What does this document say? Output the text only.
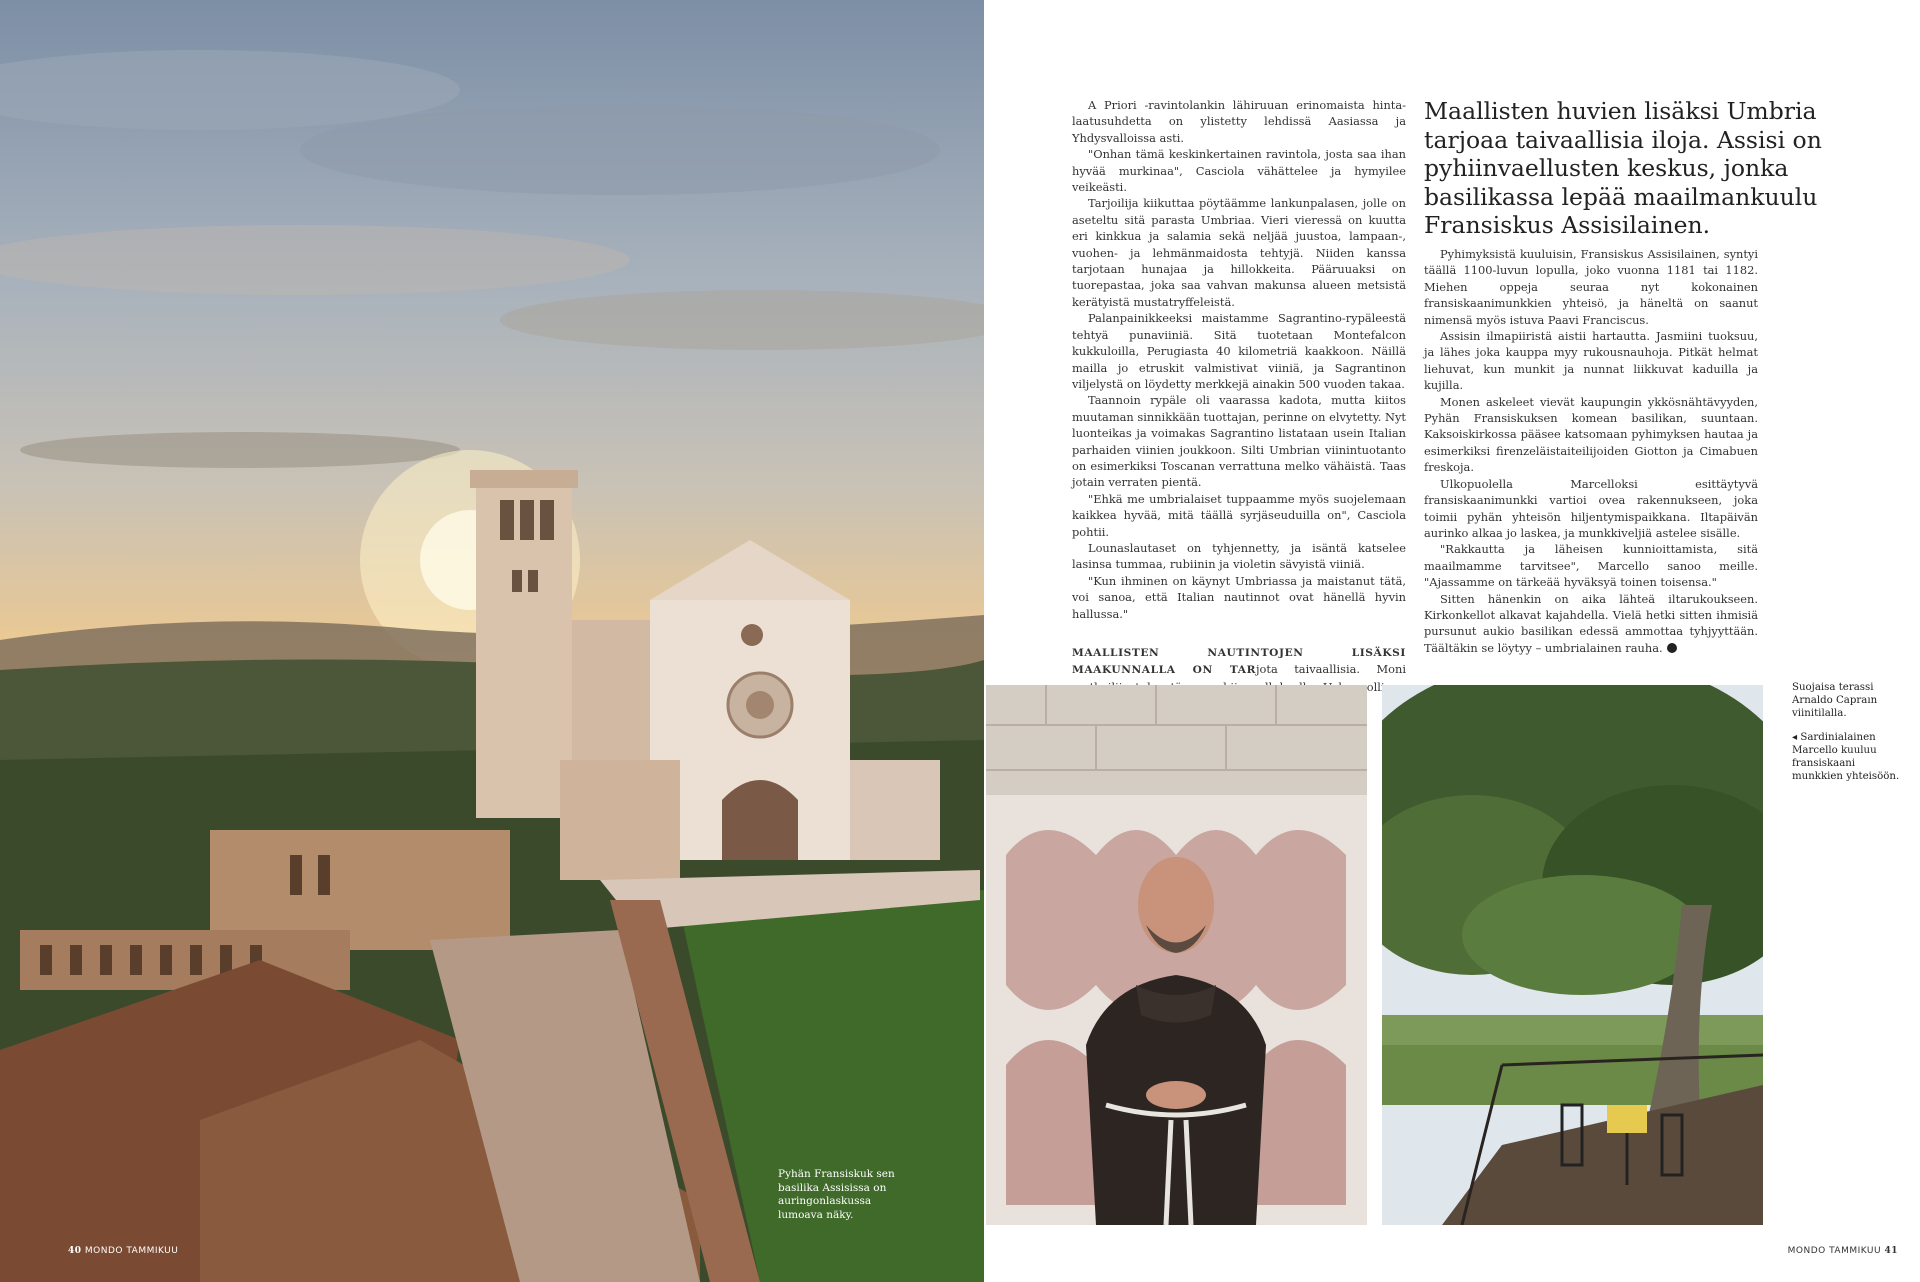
Pyhän Fransiskuk sen basilika Assisissa on auringonlaskussa lumoava näky.
40 MONDO TAMMIKUU

A Priori -ravintolankin lähiruuan erinomaista hinta-laatusuhdetta on ylistetty lehdissä Aasiassa ja Yhdysvalloissa asti.

"Onhan tämä keskinkertainen ravintola, josta saa ihan hyvää murkinaa", Casciola vähättelee ja hymyilee veikeästi.

Tarjoilija kiikuttaa pöytäämme lankunpalasen, jolle on aseteltu sitä parasta Umbriaa. Vieri vieressä on kuutta eri kinkkua ja salamia sekä neljää juustoa, lampaan-, vuohen- ja lehmänmaidosta tehtyjä. Niiden kanssa tarjotaan hunajaa ja hillokkeita. Pääruuaksi on tuorepastaa, joka saa vahvan makunsa alueen metsistä kerätyistä mustatryffeleistä.

Palanpainikkeeksi maistamme Sagrantino-rypäleestä tehtyä punaviiniä. Sitä tuotetaan Montefalcon kukkuloilla, Perugiasta 40 kilometriä kaakkoon. Näillä mailla jo etruskit valmistivat viiniä, ja Sagrantinon viljelystä on löydetty merkkejä ainakin 500 vuoden takaa.

Taannoin rypäle oli vaarassa kadota, mutta kiitos muutaman sinnikkään tuottajan, perinne on elvytetty. Nyt luonteikas ja voimakas Sagrantino listataan usein Italian parhaiden viinien joukkoon. Silti Umbrian viinintuotanto on esimerkiksi Toscanan verrattuna melko vähäistä. Taas jotain verraten pientä.

"Ehkä me umbrialaiset tuppaamme myös suojelemaan kaikkea hyvää, mitä täällä syrjäseuduilla on", Casciola pohtii.

Lounaslautaset on tyhjennetty, ja isäntä katselee lasinsa tummaa, rubiinin ja violetin sävyistä viiniä.

"Kun ihminen on käynyt Umbriassa ja maistanut tätä, voi sanoa, että Italian nautinnot ovat hänellä hyvin hallussa."

MAALLISTEN NAUTINTOJEN LISÄKSI MAAKUNNALLA ON TARjota taivaallisia. Moni

Maallisten huvien lisäksi Umbria tarjoaa taivaallisia iloja. Assisi on pyhiinvaellusten keskus, jonka basilikassa lepää maailmankuulu Fransiskus Assisilainen.

Pyhimyksistä kuuluisin, Fransiskus Assisilainen, syntyi täällä 1100-luvun lopulla, joko vuonna 1181 tai 1182. Miehen oppeja seuraa nyt kokonainen fransiskaanimunkkien yhteisö, ja häneltä on saanut nimensä myös istuva Paavi Franciscus.

Assisin ilmapiiristä aistii hartautta. Jasmiini tuoksuu, ja lähes joka kauppa myy rukousnauhoja. Pitkät helmat liehuvat, kun munkit ja nunnat liikkuvat kaduilla ja kujilla.

Monen askeleet vievät kaupungin ykkösnähtävyyden, Pyhän Fransiskuksen komean basilikan, suuntaan. Kaksoiskirkossa pääsee katsomaan pyhimyksen hautaa ja esimerkiksi firenzeläistaiteilijoiden Giotton ja Cimabuen freskoja.

Ulkopuolella Marcelloksi esittäytyvä fransiskaanimunkki vartioi ovea rakennukseen, joka toimii pyhän yhteisön hiljentymispaikkana. Iltapäivän aurinko alkaa jo laskea, ja munkkiveljiä astelee sisälle.

"Rakkautta ja läheisen kunnioittamista, sitä maailmamme tarvitsee", Marcello sanoo meille. "Ajassamme on tärkeää hyväksyä toinen toisensa."

Sitten hänenkin on aika lähteä iltarukoukseen. Kirkonkellot alkavat kajahdella. Vielä hetki sitten ihmisiä pursunut aukio basilikan edessä ammottaa tyhjyyttään. Täältäkin se löytyy – umbrialainen rauha.

Suojaisa terassi Arnaldo Capraın viinitilalla.

◂ Sardinialainen Marcello kuuluu fransiskaani munkkien yhteisöön.

MONDO TAMMIKUU 41
